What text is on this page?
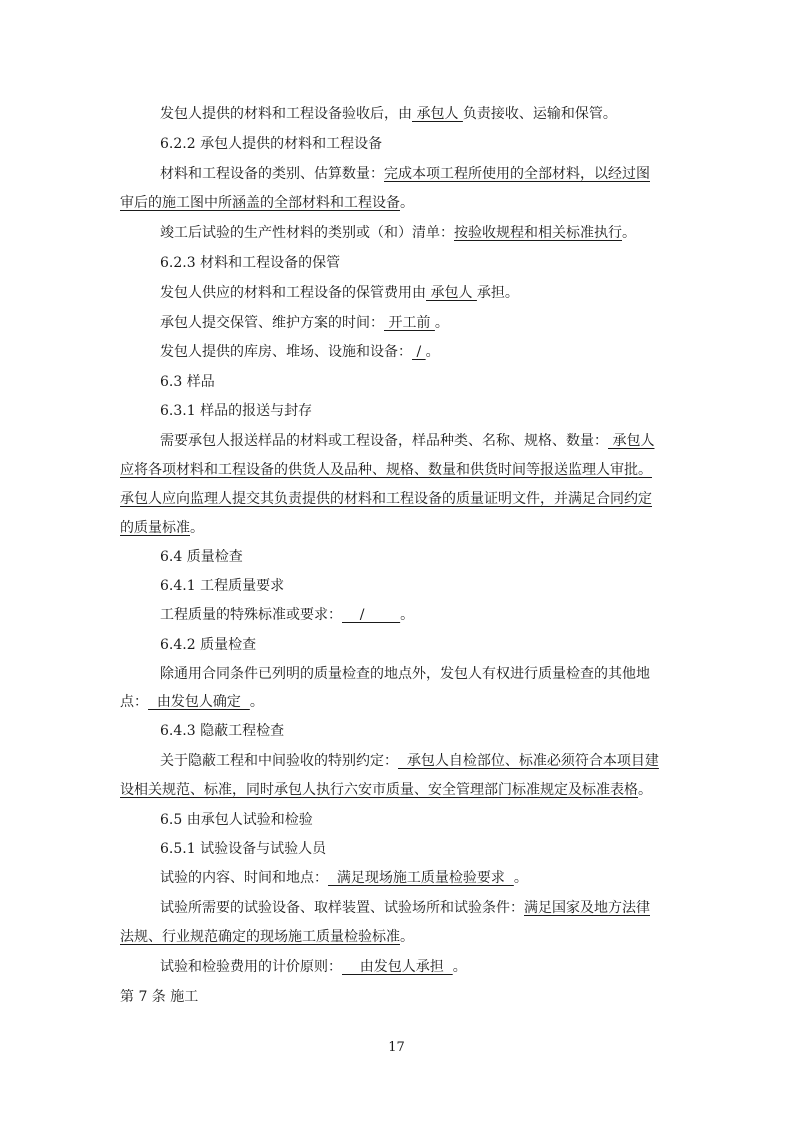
发包人提供的材料和工程设备验收后，由 承包人 负责接收、运输和保管。
6.2.2 承包人提供的材料和工程设备
材料和工程设备的类别、估算数量：完成本项工程所使用的全部材料，以经过图
审后的施工图中所涵盖的全部材料和工程设备。
竣工后试验的生产性材料的类别或（和）清单：按验收规程和相关标准执行。
6.2.3 材料和工程设备的保管
发包人供应的材料和工程设备的保管费用由 承包人 承担。
承包人提交保管、维护方案的时间： 开工前 。
发包人提供的库房、堆场、设施和设备： / 。
6.3 样品
6.3.1 样品的报送与封存
需要承包人报送样品的材料或工程设备，样品种类、名称、规格、数量： 承包人
应将各项材料和工程设备的供货人及品种、规格、数量和供货时间等报送监理人审批。
承包人应向监理人提交其负责提供的材料和工程设备的质量证明文件，并满足合同约定
的质量标准。
6.4 质量检查
6.4.1 工程质量要求
工程质量的特殊标准或要求：    /        。
6.4.2 质量检查
除通用合同条件已列明的质量检查的地点外，发包人有权进行质量检查的其他地
点：  由发包人确定  。
6.4.3 隐蔽工程检查
关于隐蔽工程和中间验收的特别约定：  承包人自检部位、标准必须符合本项目建
设相关规范、标准，同时承包人执行六安市质量、安全管理部门标准规定及标准表格。
6.5 由承包人试验和检验
6.5.1 试验设备与试验人员
试验的内容、时间和地点：  满足现场施工质量检验要求  。
试验所需要的试验设备、取样装置、试验场所和试验条件：满足国家及地方法律
法规、行业规范确定的现场施工质量检验标准。
试验和检验费用的计价原则：    由发包人承担  。
第 7 条 施工
17
